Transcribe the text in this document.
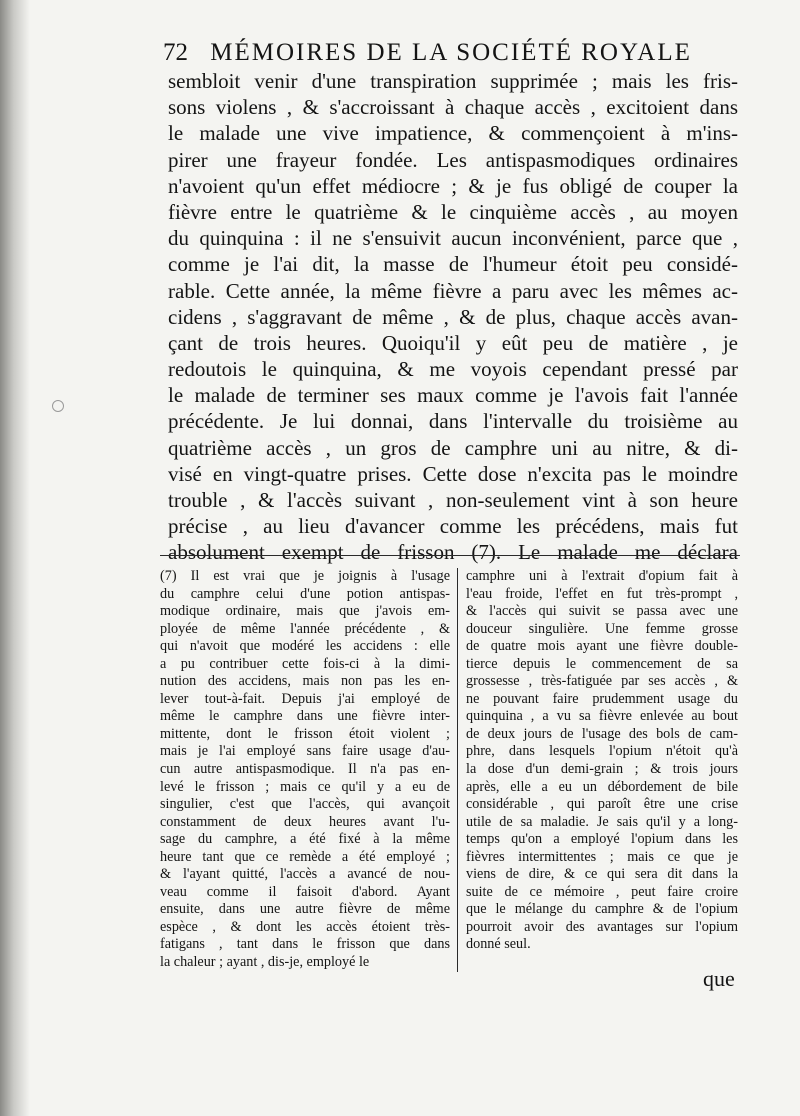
72 MÉMOIRES DE LA SOCIÉTÉ ROYALE
sembloit venir d'une transpiration supprimée ; mais les fris-
sons violens , & s'accroissant à chaque accès , excitoient dans
le malade une vive impatience, & commençoient à m'ins-
pirer une frayeur fondée. Les antispasmodiques ordinaires
n'avoient qu'un effet médiocre ; & je fus obligé de couper la
fièvre entre le quatrième & le cinquième accès , au moyen
du quinquina : il ne s'ensuivit aucun inconvénient, parce que ,
comme je l'ai dit, la masse de l'humeur étoit peu considé-
rable. Cette année, la même fièvre a paru avec les mêmes ac-
cidens , s'aggravant de même , & de plus, chaque accès avan-
çant de trois heures. Quoiqu'il y eût peu de matière , je
redoutois le quinquina, & me voyois cependant pressé par
le malade de terminer ses maux comme je l'avois fait l'année
précédente. Je lui donnai, dans l'intervalle du troisième au
quatrième accès , un gros de camphre uni au nitre, & di-
visé en vingt-quatre prises. Cette dose n'excita pas le moindre
trouble , & l'accès suivant , non-seulement vint à son heure
précise , au lieu d'avancer comme les précédens, mais fut
absolument exempt de frisson (7). Le malade me déclara
(7) Il est vrai que je joignis à l'usage
du camphre celui d'une potion antispas-
modique ordinaire, mais que j'avois em-
ployée de même l'année précédente , &
qui n'avoit que modéré les accidens : elle
a pu contribuer cette fois-ci à la dimi-
nution des accidens, mais non pas les en-
lever tout-à-fait. Depuis j'ai employé de
même le camphre dans une fièvre inter-
mittente, dont le frisson étoit violent ;
mais je l'ai employé sans faire usage d'au-
cun autre antispasmodique. Il n'a pas en-
levé le frisson ; mais ce qu'il y a eu de
singulier, c'est que l'accès, qui avançoit
constamment de deux heures avant l'u-
sage du camphre, a été fixé à la même
heure tant que ce remède a été employé ;
& l'ayant quitté, l'accès a avancé de nou-
veau comme il faisoit d'abord. Ayant
ensuite, dans une autre fièvre de même
espèce , & dont les accès étoient très-
fatigans , tant dans le frisson que dans
la chaleur ; ayant , dis-je, employé le
camphre uni à l'extrait d'opium fait à
l'eau froide, l'effet en fut très-prompt ,
& l'accès qui suivit se passa avec une
douceur singulière. Une femme grosse
de quatre mois ayant une fièvre double-
tierce depuis le commencement de sa
grossesse , très-fatiguée par ses accès , &
ne pouvant faire prudemment usage du
quinquina , a vu sa fièvre enlevée au bout
de deux jours de l'usage des bols de cam-
phre, dans lesquels l'opium n'étoit qu'à
la dose d'un demi-grain ; & trois jours
après, elle a eu un débordement de bile
considérable , qui paroît être une crise
utile de sa maladie. Je sais qu'il y a long-
temps qu'on a employé l'opium dans les
fièvres intermittentes ; mais ce que je
viens de dire, & ce qui sera dit dans la
suite de ce mémoire , peut faire croire
que le mélange du camphre & de l'opium
pourroit avoir des avantages sur l'opium
donné seul.
que
